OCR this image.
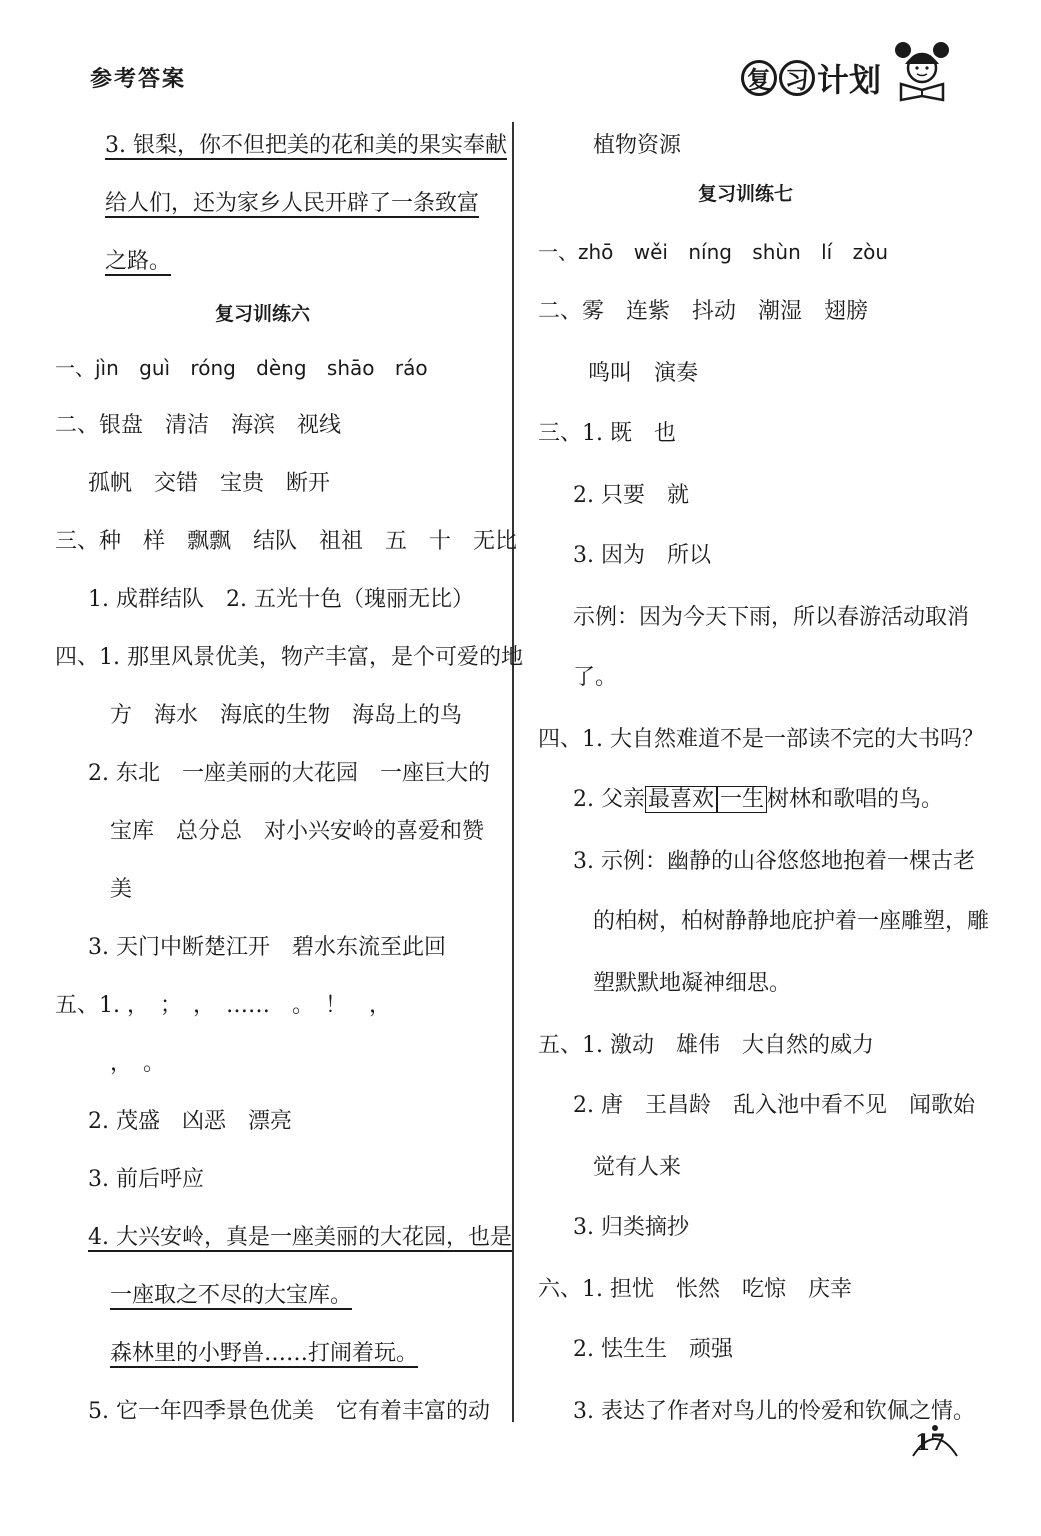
参考答案	复 习 计划
3. 银梨，你不但把美的花和美的果实奉献
给人们，还为家乡人民开辟了一条致富
之路。
复习训练六
一、jìn guì róng dèng shāo ráo
二、银盘　清洁　海滨　视线
孤帆　交错　宝贵　断开
三、种　样　飘飘　结队　祖祖　五　十　无比
1. 成群结队　2. 五光十色（瑰丽无比）
四、1. 那里风景优美，物产丰富，是个可爱的地
方　海水　海底的生物　海岛上的鸟
2. 东北　一座美丽的大花园　一座巨大的
宝库　总分总　对小兴安岭的喜爱和赞
美
3. 天门中断楚江开　碧水东流至此回
五、1. ，　；　，　……　。　！　，
，　。
2. 茂盛　凶恶　漂亮
3. 前后呼应
4. 大兴安岭，真是一座美丽的大花园，也是
一座取之不尽的大宝库。
森林里的小野兽……打闹着玩。
5. 它一年四季景色优美　它有着丰富的动
植物资源
复习训练七
一、zhō wěi níng shùn lí zòu
二、雾　连紫　抖动　潮湿　翅膀
鸣叫　演奏
三、1. 既　也
2. 只要　就
3. 因为　所以
示例：因为今天下雨，所以春游活动取消
了。
四、1. 大自然难道不是一部读不完的大书吗？
2. 父亲 最喜欢 一生 树林和歌唱的鸟。
3. 示例：幽静的山谷悠悠地抱着一棵古老
的柏树，柏树静静地庇护着一座雕塑，雕
塑默默地凝神细思。
五、1. 激动　雄伟　大自然的威力
2. 唐　王昌龄　乱入池中看不见　闻歌始
觉有人来
3. 归类摘抄
六、1. 担忧　怅然　吃惊　庆幸
2. 怯生生　顽强
3. 表达了作者对鸟儿的怜爱和钦佩之情。
17
